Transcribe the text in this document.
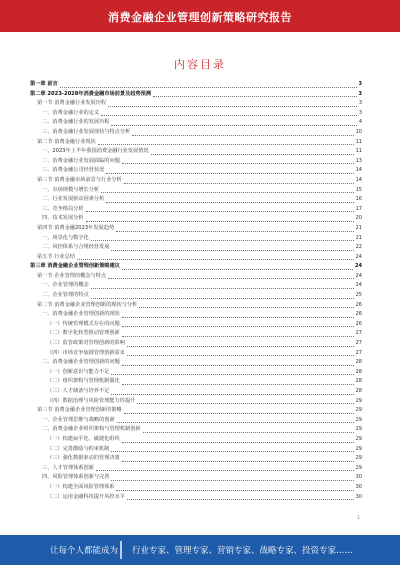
消费金融企业管理创新策略研究报告
内容目录
第一章 前言	3
第二章 2023-2028年消费金融市场前景及趋势预测	3
第一节 消费金融行业发展历程	3
一、消费金融行业的定义	3
二、消费金融行业的发展历程	4
三、消费金融行业发展现状与特点分析	10
第二节 消费金融行业现状	11
一、2023年上半年我国消费金融行业发展情况	11
二、消费金融行业发展面临的问题	13
三、消费金融公司经营状况	14
第三节 消费金融市场前景与行业分析	14
一、市场规模与增长分析	15
二、行业发展驱动因素分析	16
三、竞争格局分析	17
四、技术发展分析	20
第四节 消费金融2023年发展趋势	21
一、场景化与数字化	21
二、风控体系与合规经营发展	22
第五节 行业总结	24
第三章 消费金融企业管理创新策略建议	24
第一节 企业管理的概念与特点	24
一、企业管理的概念	24
二、企业管理的特点	25
第二节 消费金融企业管理创新的现状与分析	26
一、消费金融企业管理创新的现状	26
（一）传统管理模式存在的问题	26
（二）数字化转型推动管理创新	27
（三）监管政策对管理创新的影响	27
（四）市场竞争加剧管理创新需求	27
二、消费金融企业管理创新的问题	28
（一）创新意识与能力不足	28
（二）组织架构与管理机制僵化	28
（三）人才储备与培养不足	28
（四）数据治理与风险管理能力待提升	29
第三节 消费金融企业管理创新的策略	29
一、企业管理思维与战略的创新	29
二、消费金融企业组织架构与管理机制创新	29
（一）构建扁平化、敏捷化组织	29
（二）完善激励与约束机制	29
（三）强化数据驱动的管理决策	29
三、人才管理体系创新	29
四、风险管理体系创新与完善	30
（一）构建全面风险管理体系	30
（二）运用金融科技提升风控水平	30
1
让每个人都能成为 行业专家、管理专家、营销专家、战略专家、投资专家……
